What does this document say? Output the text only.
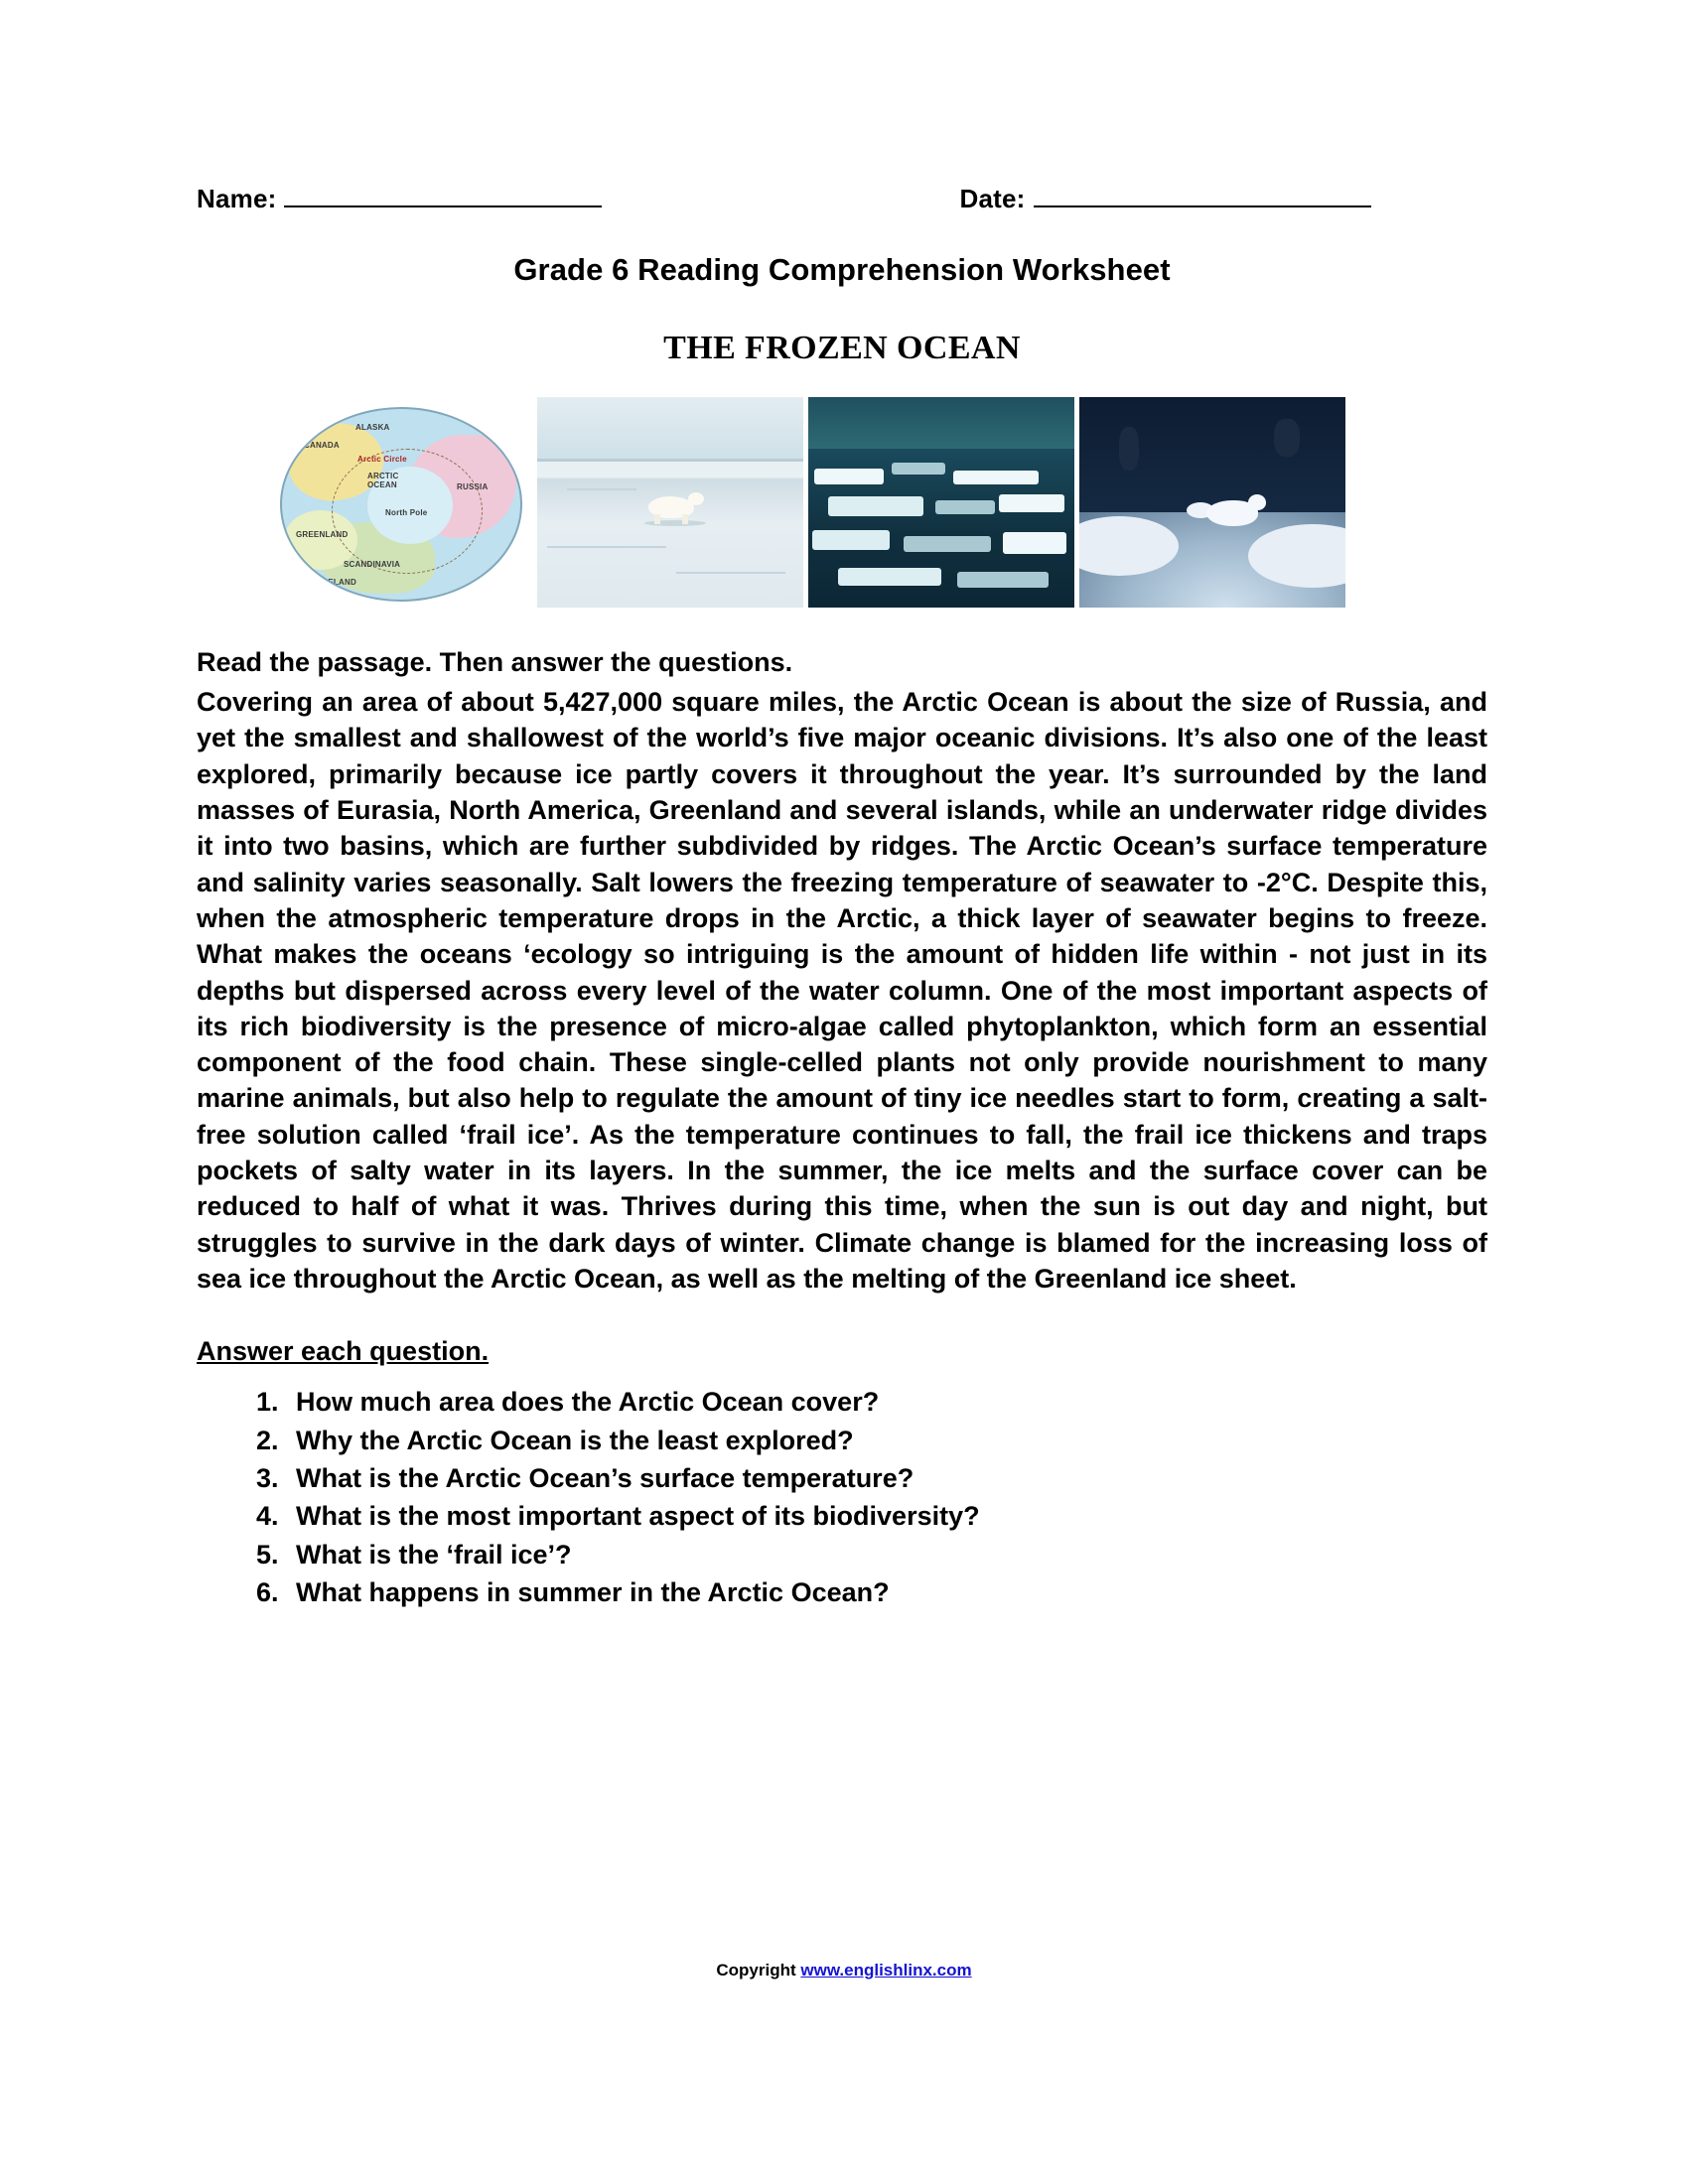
Name:	Date:
Grade 6 Reading Comprehension Worksheet
THE FROZEN OCEAN
ALASKA
CANADA
Arctic Circle
ARCTIC OCEAN	RUSSIA
North Pole
GREENLAND
SCANDINAVIA
ICELAND
Read the passage. Then answer the questions.
Covering an area of about 5,427,000 square miles, the Arctic Ocean is about the size of Russia, and yet the smallest and shallowest of the world’s five major oceanic divisions. It’s also one of the least explored, primarily because ice partly covers it throughout the year. It’s surrounded by the land masses of Eurasia, North America, Greenland and several islands, while an underwater ridge divides it into two basins, which are further subdivided by ridges. The Arctic Ocean’s surface temperature and salinity varies seasonally. Salt lowers the freezing temperature of seawater to -2°C. Despite this, when the atmospheric temperature drops in the Arctic, a thick layer of seawater begins to freeze. What makes the oceans ‘ecology so intriguing is the amount of hidden life within - not just in its depths but dispersed across every level of the water column. One of the most important aspects of its rich biodiversity is the presence of micro-algae called phytoplankton, which form an essential component of the food chain. These single-celled plants not only provide nourishment to many marine animals, but also help to regulate the amount of tiny ice needles start to form, creating a salt-free solution called ‘frail ice’. As the temperature continues to fall, the frail ice thickens and traps pockets of salty water in its layers. In the summer, the ice melts and the surface cover can be reduced to half of what it was. Thrives during this time, when the sun is out day and night, but struggles to survive in the dark days of winter. Climate change is blamed for the increasing loss of sea ice throughout the Arctic Ocean, as well as the melting of the Greenland ice sheet.
Answer each question.
1. How much area does the Arctic Ocean cover?
2. Why the Arctic Ocean is the least explored?
3. What is the Arctic Ocean’s surface temperature?
4. What is the most important aspect of its biodiversity?
5. What is the ‘frail ice’?
6. What happens in summer in the Arctic Ocean?
Copyright www.englishlinx.com
